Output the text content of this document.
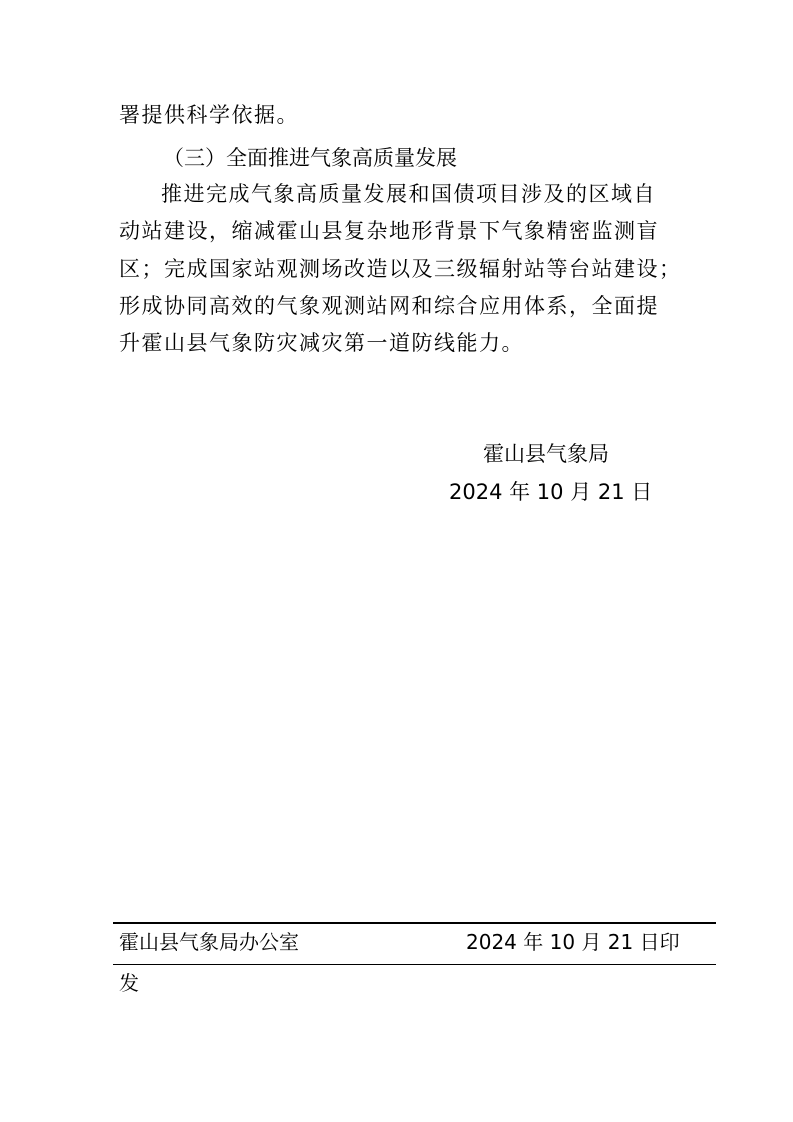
署提供科学依据。
（三）全面推进气象高质量发展
推进完成气象高质量发展和国债项目涉及的区域自
动站建设，缩减霍山县复杂地形背景下气象精密监测盲
区；完成国家站观测场改造以及三级辐射站等台站建设；
形成协同高效的气象观测站网和综合应用体系，全面提
升霍山县气象防灾减灾第一道防线能力。
霍山县气象局
2024 年 10 月 21 日
霍山县气象局办公室	2024 年 10 月 21 日印
发
